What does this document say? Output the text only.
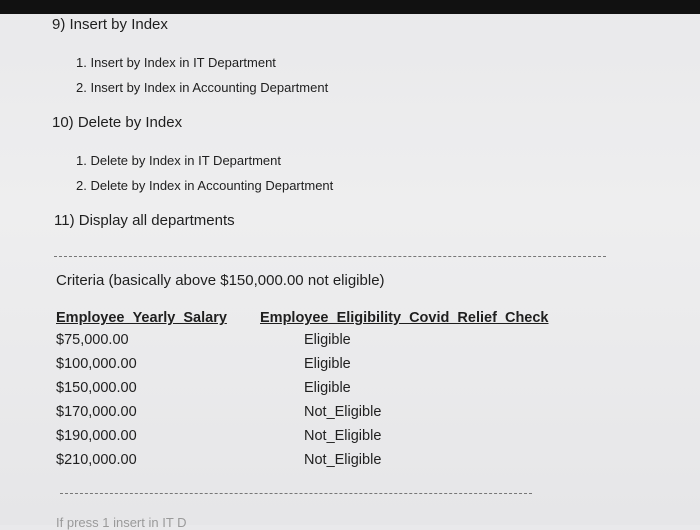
9) Insert by Index
1. Insert by Index in IT Department
2. Insert by Index in Accounting Department
10) Delete by Index
1. Delete by Index in IT Department
2. Delete by Index in Accounting Department
11) Display all departments
Criteria (basically above $150,000.00 not eligible)
Employee_Yearly_Salary Employee_Eligibility_Covid_Relief_Check
$75,000.00	Eligible
$100,000.00	Eligible
$150,000.00	Eligible
$170,000.00	Not_Eligible
$190,000.00	Not_Eligible
$210,000.00	Not_Eligible
If press 1 insert in IT D
